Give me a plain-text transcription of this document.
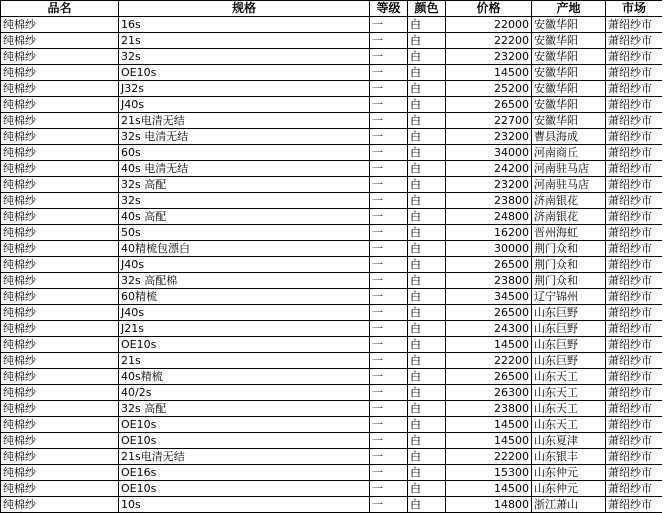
品名	规格	等级	颜色	价格	产地	市场
纯棉纱	16s	一	白	22000	安徽华阳	萧绍纱市
纯棉纱	21s	一	白	22200	安徽华阳	萧绍纱市
纯棉纱	32s	一	白	23200	安徽华阳	萧绍纱市
纯棉纱	OE10s	一	白	14500	安徽华阳	萧绍纱市
纯棉纱	J32s	一	白	25200	安徽华阳	萧绍纱市
纯棉纱	J40s	一	白	26500	安徽华阳	萧绍纱市
纯棉纱	21s电清无结	一	白	22700	安徽华阳	萧绍纱市
纯棉纱	32s 电清无结	一	白	23200	曹县海成	萧绍纱市
纯棉纱	60s	一	白	34000	河南商丘	萧绍纱市
纯棉纱	40s 电清无结	一	白	24200	河南驻马店	萧绍纱市
纯棉纱	32s 高配	一	白	23200	河南驻马店	萧绍纱市
纯棉纱	32s	一	白	23800	济南银花	萧绍纱市
纯棉纱	40s 高配	一	白	24800	济南银花	萧绍纱市
纯棉纱	50s	一	白	16200	晋州海虹	萧绍纱市
纯棉纱	40精梳包漂白	一	白	30000	荆门众和	萧绍纱市
纯棉纱	J40s	一	白	26500	荆门众和	萧绍纱市
纯棉纱	32s 高配棉	一	白	23800	荆门众和	萧绍纱市
纯棉纱	60精梳	一	白	34500	辽宁锦州	萧绍纱市
纯棉纱	J40s	一	白	26500	山东巨野	萧绍纱市
纯棉纱	J21s	一	白	24300	山东巨野	萧绍纱市
纯棉纱	OE10s	一	白	14500	山东巨野	萧绍纱市
纯棉纱	21s	一	白	22200	山东巨野	萧绍纱市
纯棉纱	40s精梳	一	白	26500	山东天工	萧绍纱市
纯棉纱	40/2s	一	白	26300	山东天工	萧绍纱市
纯棉纱	32s 高配	一	白	23800	山东天工	萧绍纱市
纯棉纱	OE10s	一	白	14500	山东天工	萧绍纱市
纯棉纱	OE10s	一	白	14500	山东夏津	萧绍纱市
纯棉纱	21s电清无结	一	白	22200	山东银丰	萧绍纱市
纯棉纱	OE16s	一	白	15300	山东仲元	萧绍纱市
纯棉纱	OE10s	一	白	14500	山东仲元	萧绍纱市
纯棉纱	10s	一	白	14800	浙江萧山	萧绍纱市
